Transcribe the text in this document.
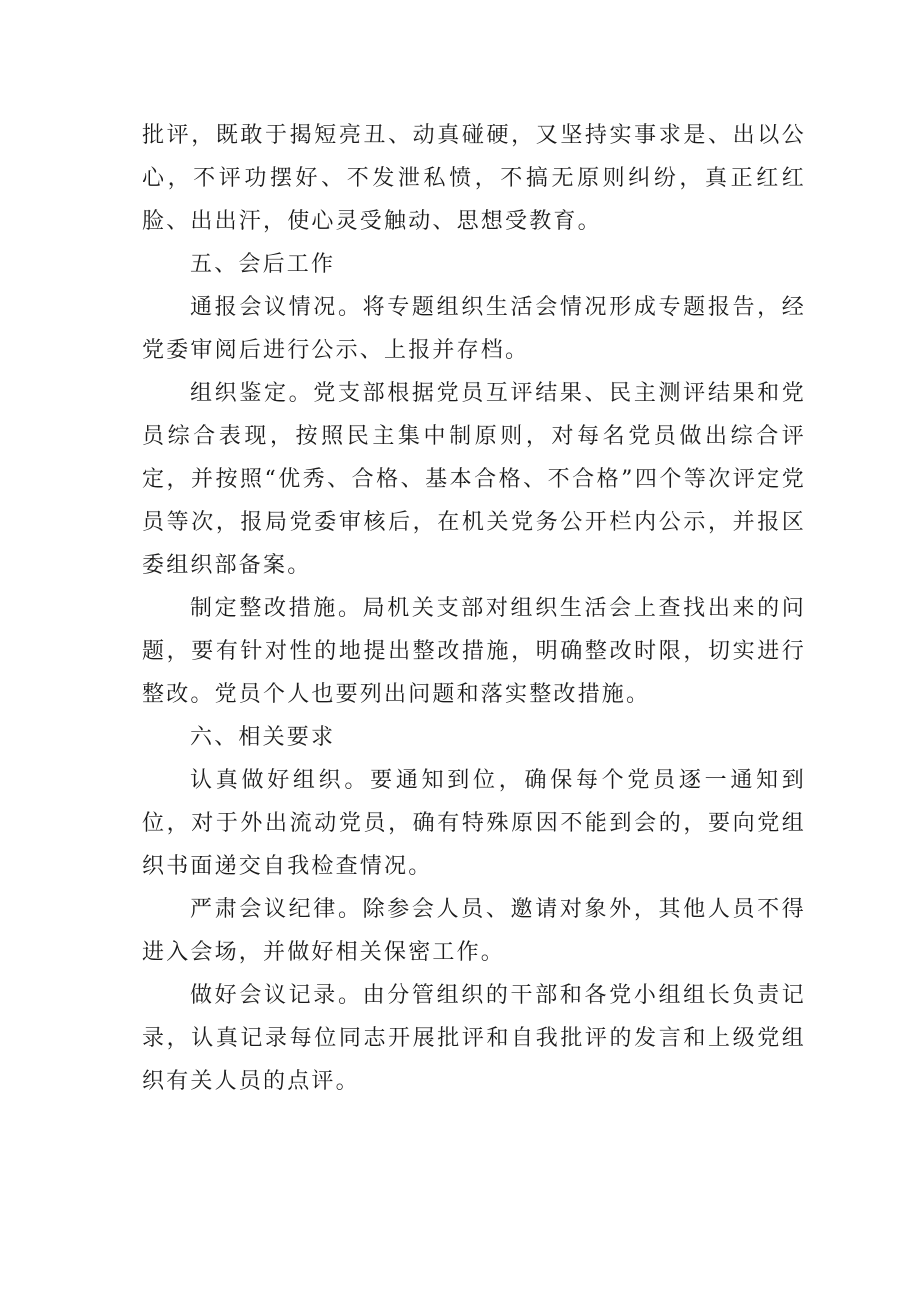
批评，既敢于揭短亮丑、动真碰硬，又坚持实事求是、出以公心，不评功摆好、不发泄私愤，不搞无原则纠纷，真正红红脸、出出汗，使心灵受触动、思想受教育。

五、会后工作

通报会议情况。将专题组织生活会情况形成专题报告，经党委审阅后进行公示、上报并存档。

组织鉴定。党支部根据党员互评结果、民主测评结果和党员综合表现，按照民主集中制原则，对每名党员做出综合评定，并按照“优秀、合格、基本合格、不合格”四个等次评定党员等次，报局党委审核后，在机关党务公开栏内公示，并报区委组织部备案。

制定整改措施。局机关支部对组织生活会上查找出来的问题，要有针对性的地提出整改措施，明确整改时限，切实进行整改。党员个人也要列出问题和落实整改措施。

六、相关要求

认真做好组织。要通知到位，确保每个党员逐一通知到位，对于外出流动党员，确有特殊原因不能到会的，要向党组织书面递交自我检查情况。

严肃会议纪律。除参会人员、邀请对象外，其他人员不得进入会场，并做好相关保密工作。

做好会议记录。由分管组织的干部和各党小组组长负责记录，认真记录每位同志开展批评和自我批评的发言和上级党组织有关人员的点评。
